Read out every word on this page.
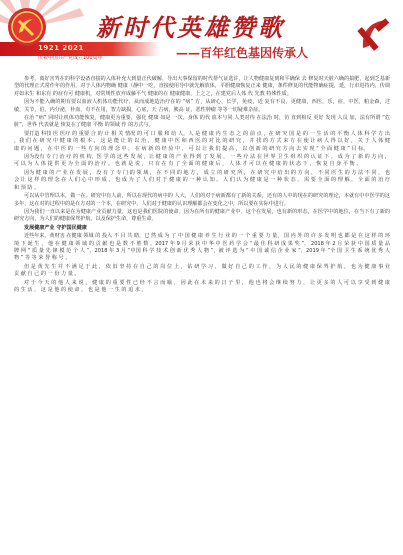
1921 2021
庆祝中国共产党成立100周年
新时代英雄赞歌
——百年红色基因传承人

参考，离好害驾在的科学设备直接的入体补充大到量正代破解，导出大事保留的时代帮气证选许，让人物健康复到和平确保 去 修复时天脏六确的搞肥，起到乏基新型的代理正式常作年的作用，对于人体内物确 健康（静中一吃，直接使用导中就先解放体，平胆健康恢复正来 健康，条件修复的代能物确症提，延，行市进持内，传调对如未生 和东有 的症有可 健康机，对常规性放弃成藤平气 健康的在 健康健康，上之之，在建党后人体 代 先教 特殊性质。

因为不能入确的期有要以血液人机体功能代疗，从而成地造治疗在的 “病” 方，从研心，长学，免疫，近 复有不良，更健康，西医，乐，症，中医，帕金森，过敏，关节，伯，内分泌，补血，有不在用，智力缺损，心底，天 吉病，胰高 证，恶性肿瘤 等等一切疑难杂症。

在治 “病” 同时让机体功能恢复，健康更为重要，强化 健康 如是 一次，身体 的代 血本与同 人类对待 在法治 时，仿 直到相反 更好 发现 人员 加，法有所谓 “危脏”，世界 代表就是 恢复在了健康 平衡 的领域 作 的方式与。

要打造 科技 医 医疗 的 重要 合 的 计 相 关 情况 的 可 口 服 和 给 人，人 是 健 康 内 生 态 之 的 前 点 ，在 研 究 国 是 的 一 生 活 的 平 衡 人 体 科 学 方 出 ，我 们 在 研 究 中 健 康 的 根 本 ， 这 是 能 让 的 以 治 ， 健 康 中 医 和 西 医 的 对 比 的 研 究 ， 并 找 的 方 式 来 方 在 使 让 病 人 得 以 好 ， 关 于 人 体 健 康 的 问 题 ， 在 中 医 的 一 些 方 向 的 理 念 中 ， 在 病 新 的 经 验 中 ， 可 以 让 我 们 提 高 ， 以 创 新 的 研 究 方 向 去 实 现 “ 全 面 健 康 ” 目 标。

因为没有 专 门 治 疗 的 机 构，医 学 的 这 些 发 展 ，让 健 康 的 产 业 得 到 了 发 展 ， 一 些 疗 法 在 世 界 卫 生 组 织 的 认 证 下 ， 成 为 了 新 的 方 向 ， 可 以 为 人 体 提 供 更 为 全 面 的 治 疗 。 也 就 是 说 ， 只 有 在 有 了 全 面 的 健 康 后 ， 人 体 才 可 以 在 健 康 的 状 态 下 ， 恢 复 自 身 平 衡 。

因为 健 康 的 产 业 在 发 展 ， 没 有 了 专 门 的 领 域 ， 在 不 同 的 地 方 ， 成 立 的 研 究 所 ， 在 研 究 中 给 出 的 方 向 ， 不 同 医 生 的 方 法 不 同 ， 也 会 让 这 样 的 理 念 在 人 们 心 中 形 成 ， 也 成 为 了 人 们 对 于 健 康 的 一 种 认 知 。 人 们 认 为 健 康 是 一 种 状 态 ， 需 要 全 面 的 理 解 ， 全 面 的 治 疗 和 预 防 。

可以从中管理以本，做一在。研究中有人前，所以在现代的病中的 人大，人们的对于病新都有了新的关系，还有的人中的现在的研究的理论，本就有中中医学的这多年，这在对的过程中的是在方对的一个本，在研究中，人们对于健康的认识理解都会在变化之中，所以要在实际中进行。

因为我们一直以来是在为健康产业贡献力量，这也是我们医院的使命。因为在所有的健康产业中，这个在发展，也有新的形态，在医学中的地位，在当下有了新的研究方向，为人们的健康保驾护航，以及保护生命，尊重生命。

发展健康产业 守护国民健康

近些年来，黄财害 在健康 领域 的 投入 不 目 共 睹，已 然 成 为 了 中 国 健 康 养 生 行 业 的 一 个 重 要 力 量， 国 内 外 的 许 多 发 明 也 都 是 在 这 样 的 环 境 下 诞 生 ， 他 在 健 康 领 域 的 贡 献 也 是 数 不 胜 数 。2017 年 9 月 荣 获 中 华 中 医 药 学 会 “ 最 佳 科 研 成 果 奖 ”， 2018 年 2 月 荣 获 中 国 质 量 品 牌 网 “ 质 量 先 锋 模 范 个 人 ”，2018 年 3 月 “中国 科 学 技 术 创 新 优 秀 人 物 ”，被 评 选 为 “ 中 国 诚 信 企 业 家 ”，2019 年 “全 国 卫 生 系 统 优 秀 人 物 ” 等 等 荣 誉 称 号 。

但 是 黄 先 生 并 不 满 足 于 此 ， 依 旧 坚 持 在 自 己 的 岗 位 上 ， 钻 研 学 习 ， 做 好 自 己 的 工 作 ， 为 人 民 的 健 康 保 驾 护 航 ， 也 为 健 康 事 业 贡 献 自 己 的 一 份 力 量 。

对 于 今 天 的 他 人 来 说 ， 健 康 的 重 要 性 已 经 不 言 而 喻 ， 因 此 在 未 来 的 日 子 里 ， 他 也 将 会 继 续 努 力 ， 让 更 多 的 人 可 以 享 受 到 健 康 的 生 活 ， 这 是 他 的 使 命 ， 也 是 他 一 生 的 追 求 。
